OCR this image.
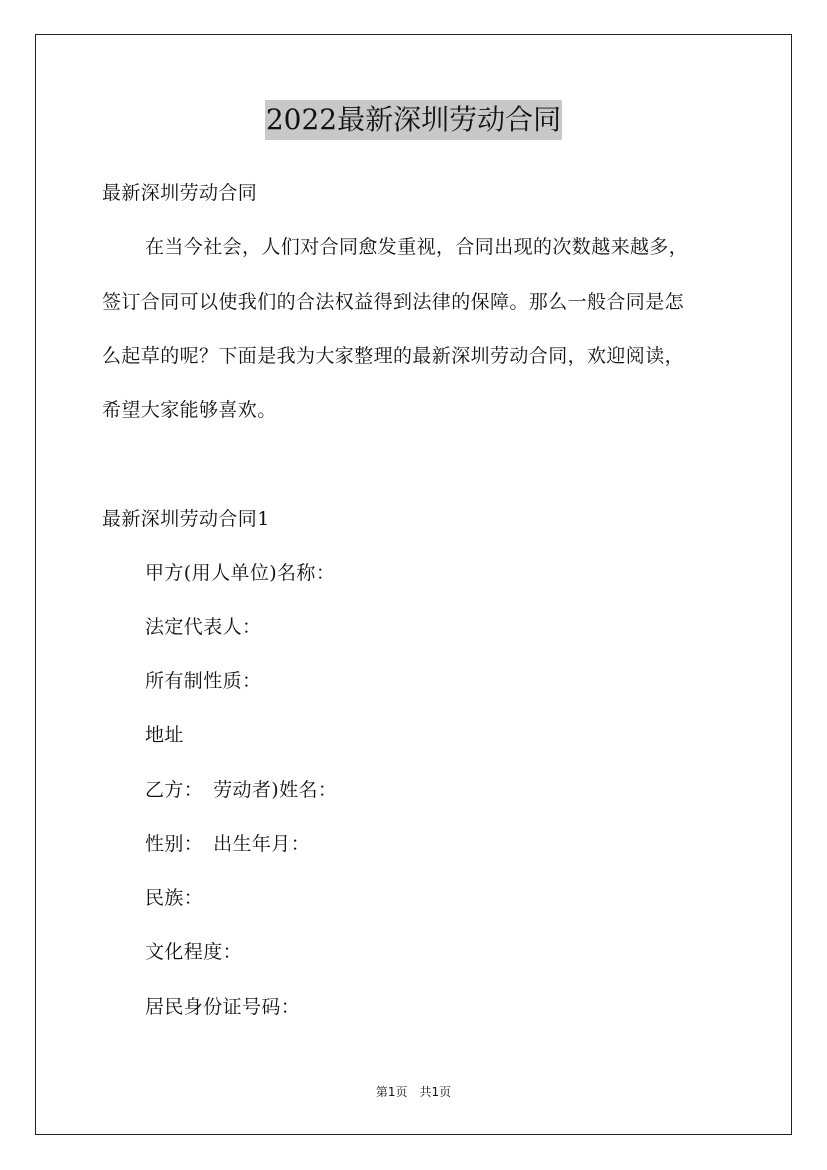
2022最新深圳劳动合同
最新深圳劳动合同
在当今社会，人们对合同愈发重视，合同出现的次数越来越多，
签订合同可以使我们的合法权益得到法律的保障。那么一般合同是怎
么起草的呢？下面是我为大家整理的最新深圳劳动合同，欢迎阅读，
希望大家能够喜欢。
最新深圳劳动合同1
甲方(用人单位)名称：
法定代表人：
所有制性质：
地址
乙方：　劳动者)姓名：
性别：　出生年月：
民族：
文化程度：
居民身份证号码：
第1页　共1页
